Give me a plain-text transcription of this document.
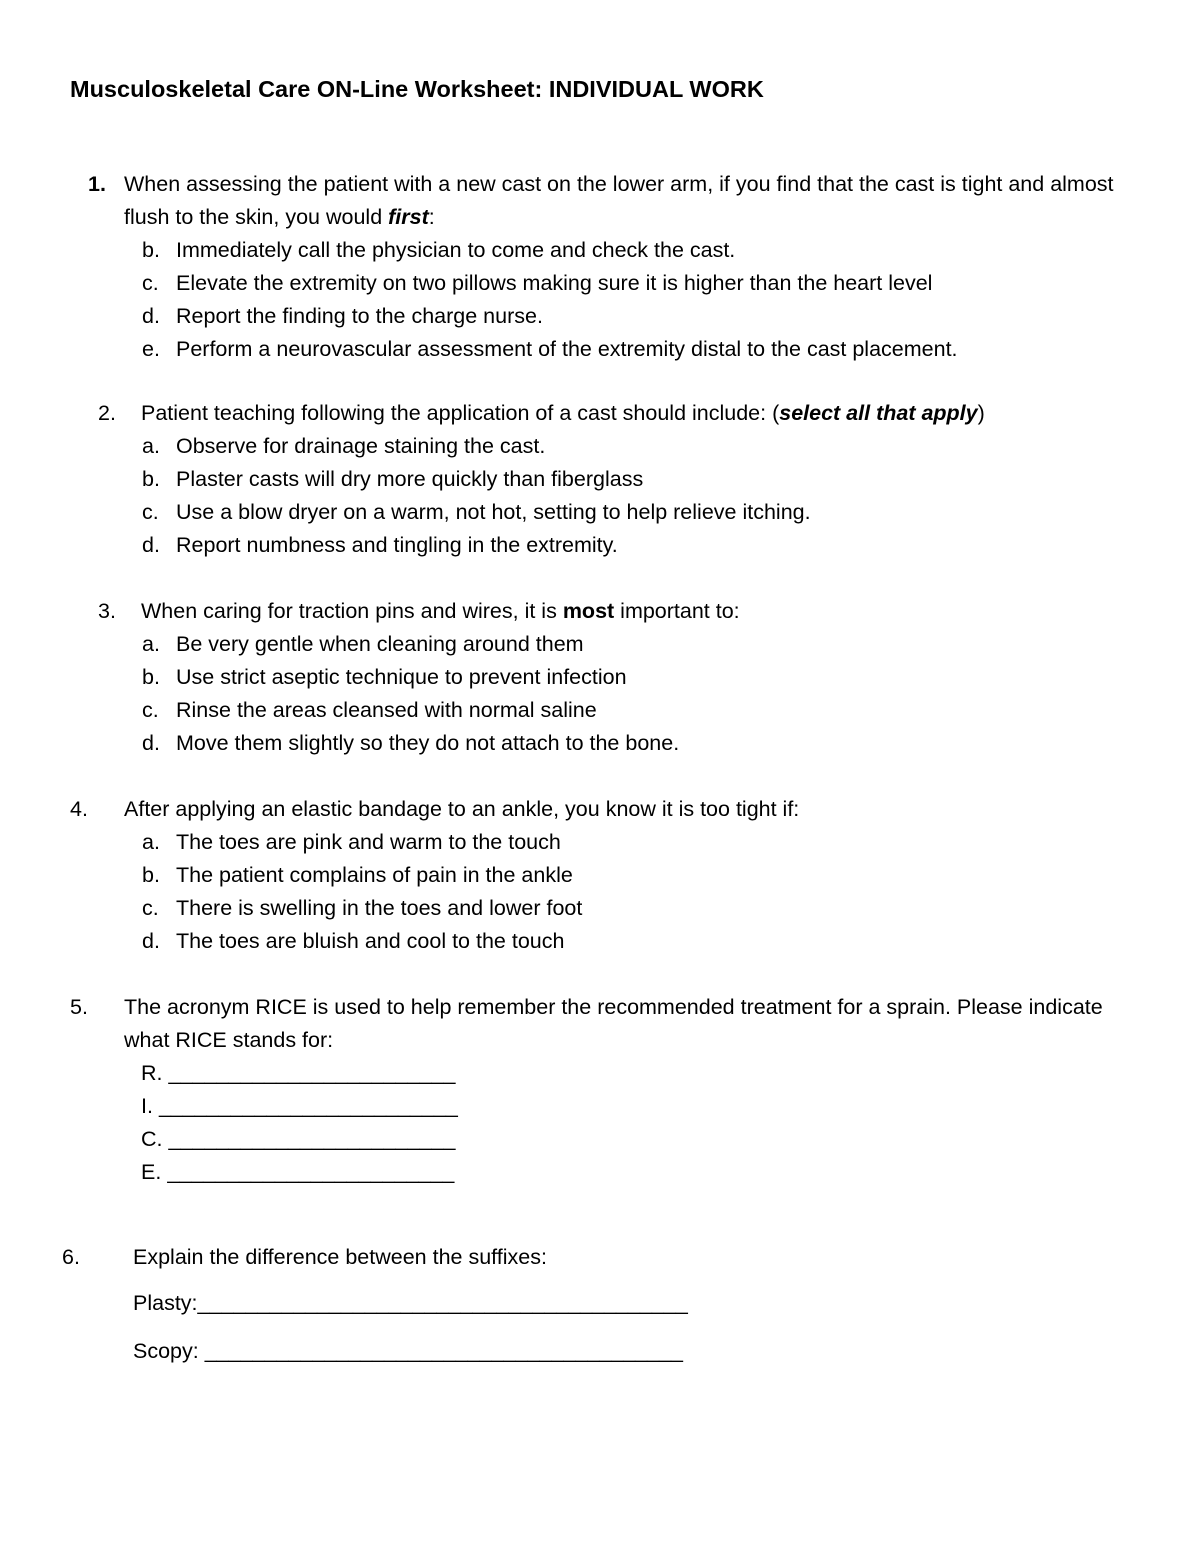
Musculoskeletal Care ON-Line Worksheet: INDIVIDUAL WORK
1. When assessing the patient with a new cast on the lower arm, if you find that the cast is tight and almost
flush to the skin, you would first:
b. Immediately call the physician to come and check the cast.
c. Elevate the extremity on two pillows making sure it is higher than the heart level
d. Report the finding to the charge nurse.
e. Perform a neurovascular assessment of the extremity distal to the cast placement.
2. Patient teaching following the application of a cast should include: (select all that apply)
a. Observe for drainage staining the cast.
b. Plaster casts will dry more quickly than fiberglass
c. Use a blow dryer on a warm, not hot, setting to help relieve itching.
d. Report numbness and tingling in the extremity.
3. When caring for traction pins and wires, it is most important to:
a. Be very gentle when cleaning around them
b. Use strict aseptic technique to prevent infection
c. Rinse the areas cleansed with normal saline
d. Move them slightly so they do not attach to the bone.
4. After applying an elastic bandage to an ankle, you know it is too tight if:
a. The toes are pink and warm to the touch
b. The patient complains of pain in the ankle
c. There is swelling in the toes and lower foot
d. The toes are bluish and cool to the touch
5. The acronym RICE is used to help remember the recommended treatment for a sprain. Please indicate
what RICE stands for:
R. ________________________
I. _________________________
C. ________________________
E. ________________________
6. Explain the difference between the suffixes:
Plasty:_________________________________________
Scopy: ________________________________________
